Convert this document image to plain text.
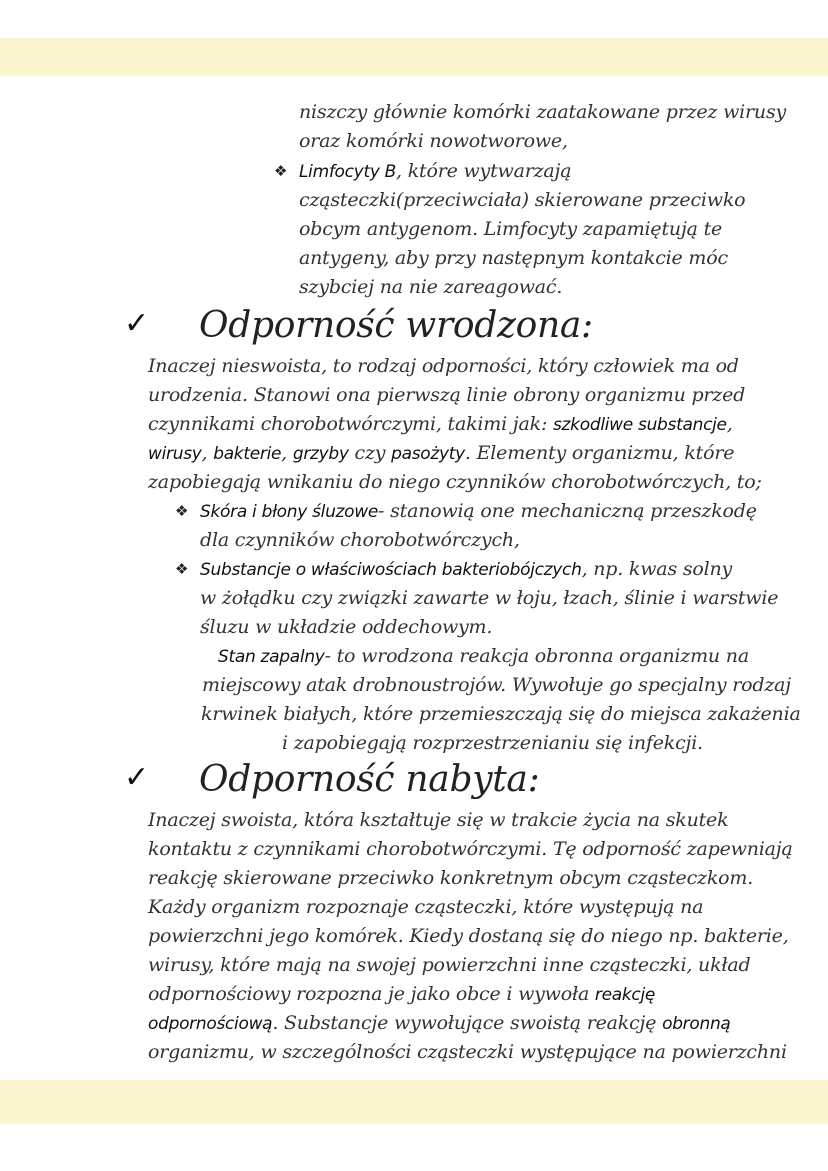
niszczy głównie komórki zaatakowane przez wirusy
oraz komórki nowotworowe,
❖ Limfocyty B, które wytwarzają
cząsteczki(przeciwciała) skierowane przeciwko
obcym antygenom. Limfocyty zapamiętują te
antygeny, aby przy następnym kontakcie móc
szybciej na nie zareagować.
✓ Odporność wrodzona:
Inaczej nieswoista, to rodzaj odporności, który człowiek ma od
urodzenia. Stanowi ona pierwszą linie obrony organizmu przed
czynnikami chorobotwórczymi, takimi jak: szkodliwe substancje,
wirusy, bakterie, grzyby czy pasożyty. Elementy organizmu, które
zapobiegają wnikaniu do niego czynników chorobotwórczych, to;
❖ Skóra i błony śluzowe- stanowią one mechaniczną przeszkodę
dla czynników chorobotwórczych,
❖ Substancje o właściwościach bakteriobójczych, np. kwas solny
w żołądku czy związki zawarte w łoju, łzach, ślinie i warstwie
śluzu w układzie oddechowym.
Stan zapalny- to wrodzona reakcja obronna organizmu na
miejscowy atak drobnoustrojów. Wywołuje go specjalny rodzaj
krwinek białych, które przemieszczają się do miejsca zakażenia
i zapobiegają rozprzestrzenianiu się infekcji.
✓ Odporność nabyta:
Inaczej swoista, która kształtuje się w trakcie życia na skutek
kontaktu z czynnikami chorobotwórczymi. Tę odporność zapewniają
reakcję skierowane przeciwko konkretnym obcym cząsteczkom.
Każdy organizm rozpoznaje cząsteczki, które występują na
powierzchni jego komórek. Kiedy dostaną się do niego np. bakterie,
wirusy, które mają na swojej powierzchni inne cząsteczki, układ
odpornościowy rozpozna je jako obce i wywoła reakcję
odpornościową. Substancje wywołujące swoistą reakcję obronną
organizmu, w szczególności cząsteczki występujące na powierzchni
